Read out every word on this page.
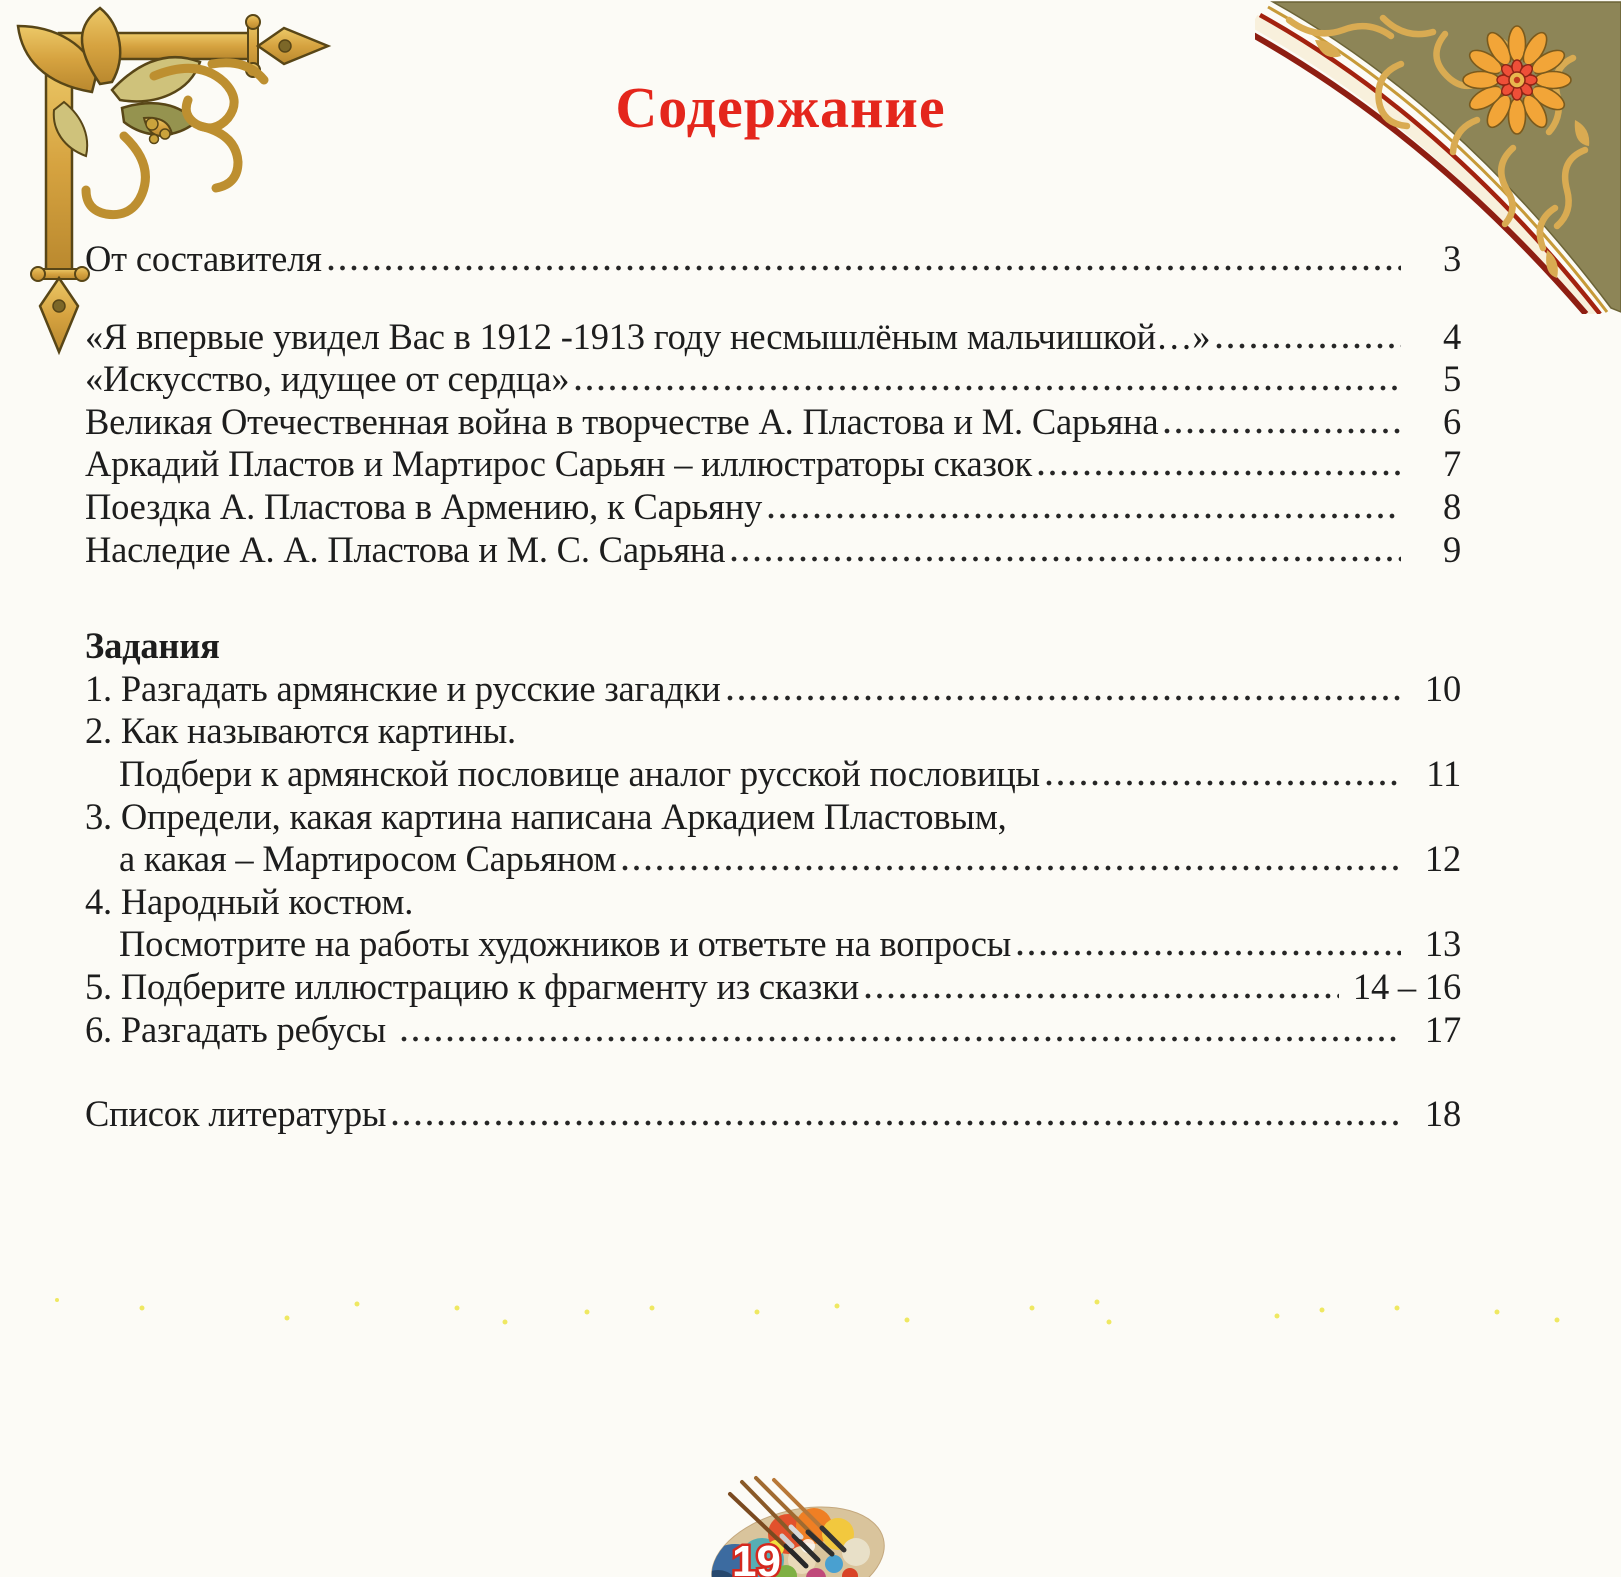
Содержание
От составителя	3
«Я впервые увидел Вас в 1912 -1913 году несмышлёным мальчишкой…»	4
«Искусство, идущее от сердца»	5
Великая Отечественная война в творчестве А. Пластова и М. Сарьяна	6
Аркадий Пластов и Мартирос Сарьян – иллюстраторы сказок	7
Поездка А. Пластова в Армению, к Сарьяну	8
Наследие А. А. Пластова и М. С. Сарьяна	9
Задания
1. Разгадать армянские и русские загадки	10
2. Как называются картины.
Подбери к армянской пословице аналог русской пословицы	11
3. Определи, какая картина написана Аркадием Пластовым,
а какая – Мартиросом Сарьяном	12
4. Народный костюм.
Посмотрите на работы художников и ответьте на вопросы	13
5. Подберите иллюстрацию к фрагменту из сказки	14 – 16
6. Разгадать ребусы	17
Список литературы	18
19
